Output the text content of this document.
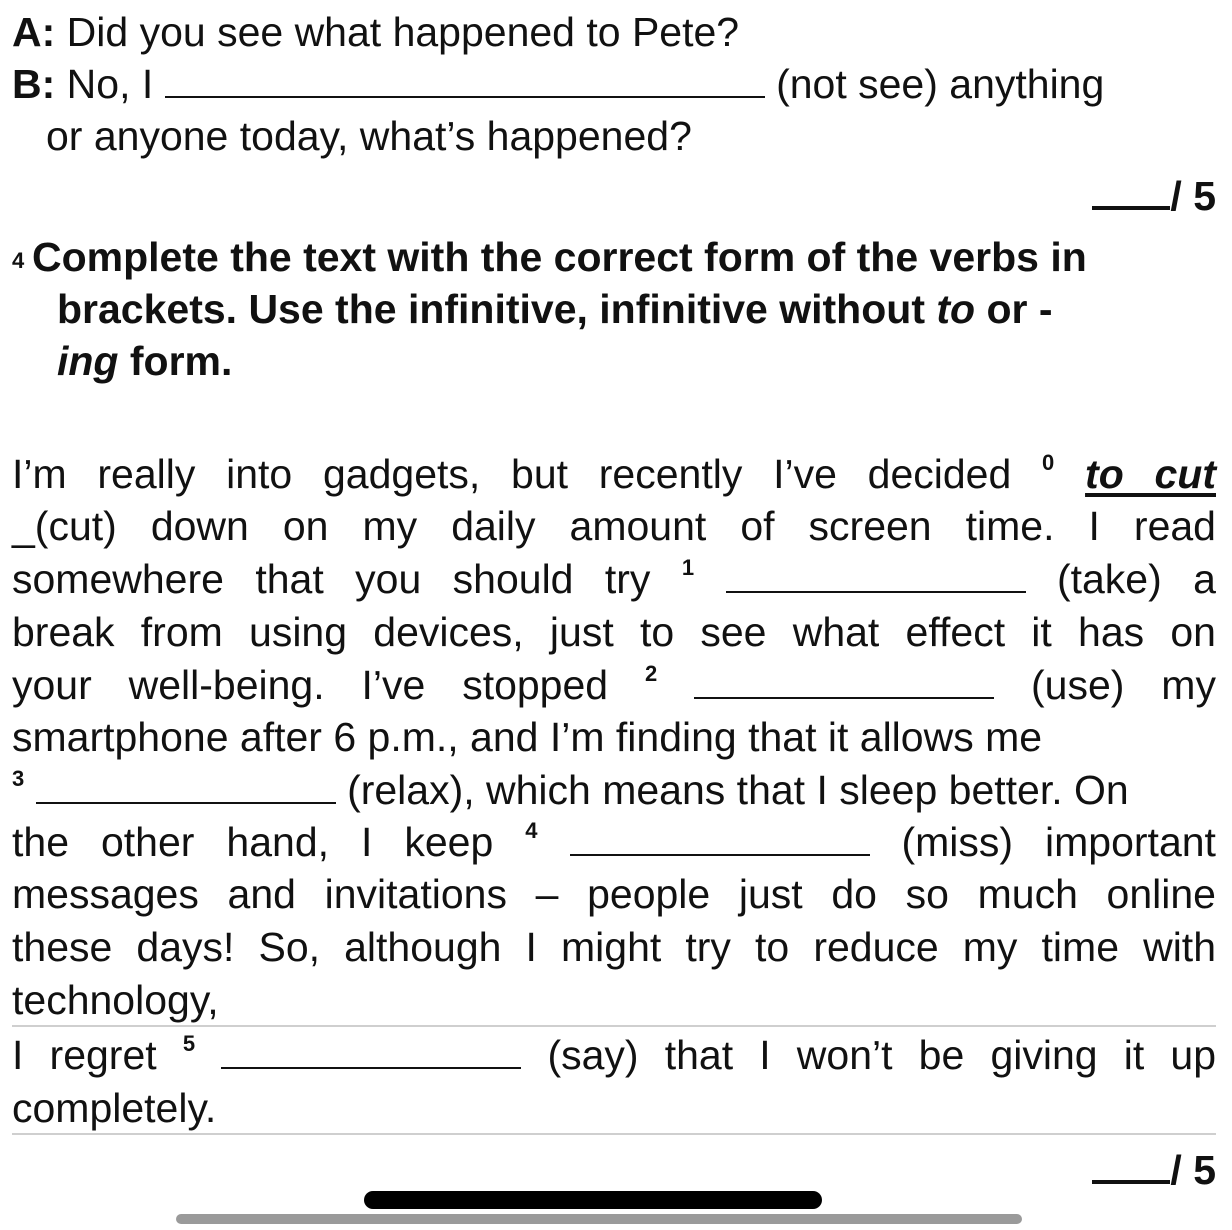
A: Did you see what happened to Pete?
B: No, I	(not see) anything
or anyone today, what’s happened?
/ 5
4 Complete the text with the correct form of the verbs in
brackets. Use the infinitive, infinitive without to or -
ing form.
I’m really into gadgets, but recently I’ve decided $^0$ to cut
_(cut) down on my daily amount of screen time. I read
somewhere that you should try $^1$	(take) a
break from using devices, just to see what effect it has on
your well-being. I’ve stopped $^2$	(use) my
smartphone after 6 p.m., and I’m finding that it allows me
$^3$	(relax), which means that I sleep better. On
the other hand, I keep $^4$	(miss) important
messages and invitations – people just do so much online
these days! So, although I might try to reduce my time with
technology,
I regret $^5$	(say) that I won’t be giving it up
completely.
/ 5
